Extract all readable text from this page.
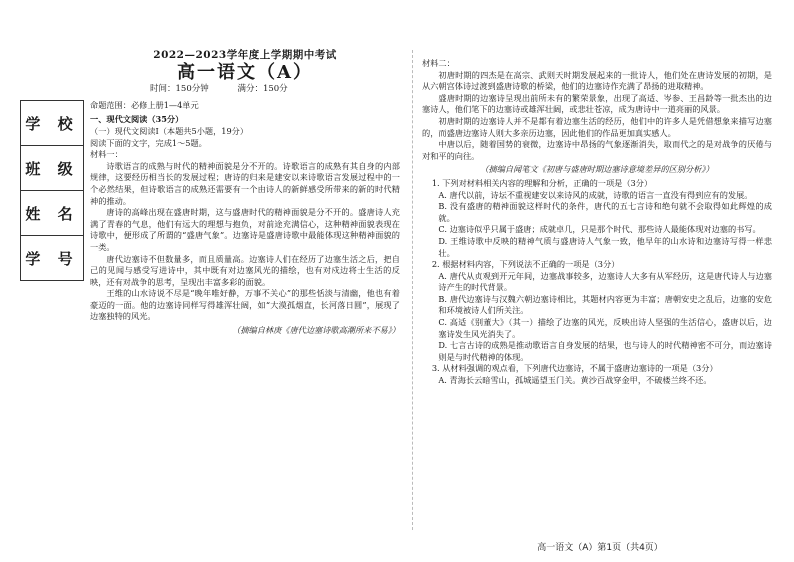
学 校
班 级
姓 名
学 号
2022—2023学年度上学期期中考试
高一语文（A）
时间：150分钟	满分：150分
命题范围：必修上册1—4单元

一、现代文阅读（35分）

（一）现代文阅读Ⅰ（本题共5小题，19分）

阅读下面的文字，完成1～5题。

材料一：

诗歌语言的成熟与时代的精神面貌是分不开的。诗歌语言的成熟有其自身的内部规律，这要经历相当长的发展过程；唐诗的归来是建安以来诗歌语言发展过程中的一个必然结果，但诗歌语言的成熟还需要有一个由诗人的新鲜感受所带来的新的时代精神的推动。

唐诗的高峰出现在盛唐时期，这与盛唐时代的精神面貌是分不开的。盛唐诗人充满了青春的气息，他们有远大的理想与抱负，对前途充满信心，这种精神面貌表现在诗歌中，便形成了所谓的“盛唐气象”。边塞诗是盛唐诗歌中最能体现这种精神面貌的一类。

唐代边塞诗不但数量多，而且质量高。边塞诗人们在经历了边塞生活之后，把自己的见闻与感受写进诗中，其中既有对边塞风光的描绘，也有对戍边将士生活的反映，还有对战争的思考，呈现出丰富多彩的面貌。

王维的山水诗说不尽是“晚年唯好静，万事不关心”的那些恬淡与清幽，他也有着豪迈的一面。他的边塞诗同样写得雄浑壮阔，如“大漠孤烟直，长河落日圆”，展现了边塞独特的风光。

（摘编自林庚《唐代边塞诗歌高潮所来不易》）

材料二：

初唐时期的四杰是在高宗、武则天时期发展起来的一批诗人，他们处在唐诗发展的初期，是从六朝宫体诗过渡到盛唐诗歌的桥梁，他们的边塞诗作充满了昂扬的进取精神。

盛唐时期的边塞诗呈现出前所未有的繁荣景象，出现了高适、岑参、王昌龄等一批杰出的边塞诗人，他们笔下的边塞诗或雄浑壮阔，或悲壮苍凉，成为唐诗中一道亮丽的风景。

初唐时期的边塞诗人并不是都有着边塞生活的经历，他们中的许多人是凭借想象来描写边塞的，而盛唐边塞诗人则大多亲历边塞，因此他们的作品更加真实感人。

中唐以后，随着国势的衰微，边塞诗中昂扬的气象逐渐消失，取而代之的是对战争的厌倦与对和平的向往。

（摘编自闻笔文《初唐与盛唐时期边塞诗意境差异的区别分析》）

1. 下列对材料相关内容的理解和分析，正确的一项是（3分）

A. 唐代以前，诗坛不重视建安以来诗风的成就，诗歌的语言一直没有得到应有的发展。

B. 没有盛唐的精神面貌这样时代的条件，唐代的五七言诗和绝句就不会取得如此辉煌的成就。

C. 边塞诗似乎只属于盛唐；成就卓几，只是那个时代、那些诗人最能体现对边塞的书写。

D. 王维诗歌中反映的精神气质与盛唐诗人气象一致，他早年的山水诗和边塞诗写得一样悲壮。

2. 根据材料内容，下列说法不正确的一项是（3分）

A. 唐代从贞观到开元年间，边塞战事较多，边塞诗人大多有从军经历，这是唐代诗人与边塞诗产生的时代背景。

B. 唐代边塞诗与汉魏六朝边塞诗相比，其题材内容更为丰富；唐朝安史之乱后，边塞的安危和环境被诗人们所关注。

C. 高适《别董大》（其一）描绘了边塞的风光，反映出诗人坚强的生活信心，盛唐以后，边塞诗发生风光消失了。

D. 七言古诗的成熟是推动歌语言自身发展的结果，也与诗人的时代精神密不可分，而边塞诗则是与时代精神的体现。

3. 从材料强调的观点看，下列唐代边塞诗，不属于盛唐边塞诗的一项是（3分）

A. 青海长云暗雪山，孤城遥望玉门关。黄沙百战穿金甲，不破楼兰终不还。

高一语文（A）第1页（共4页）
